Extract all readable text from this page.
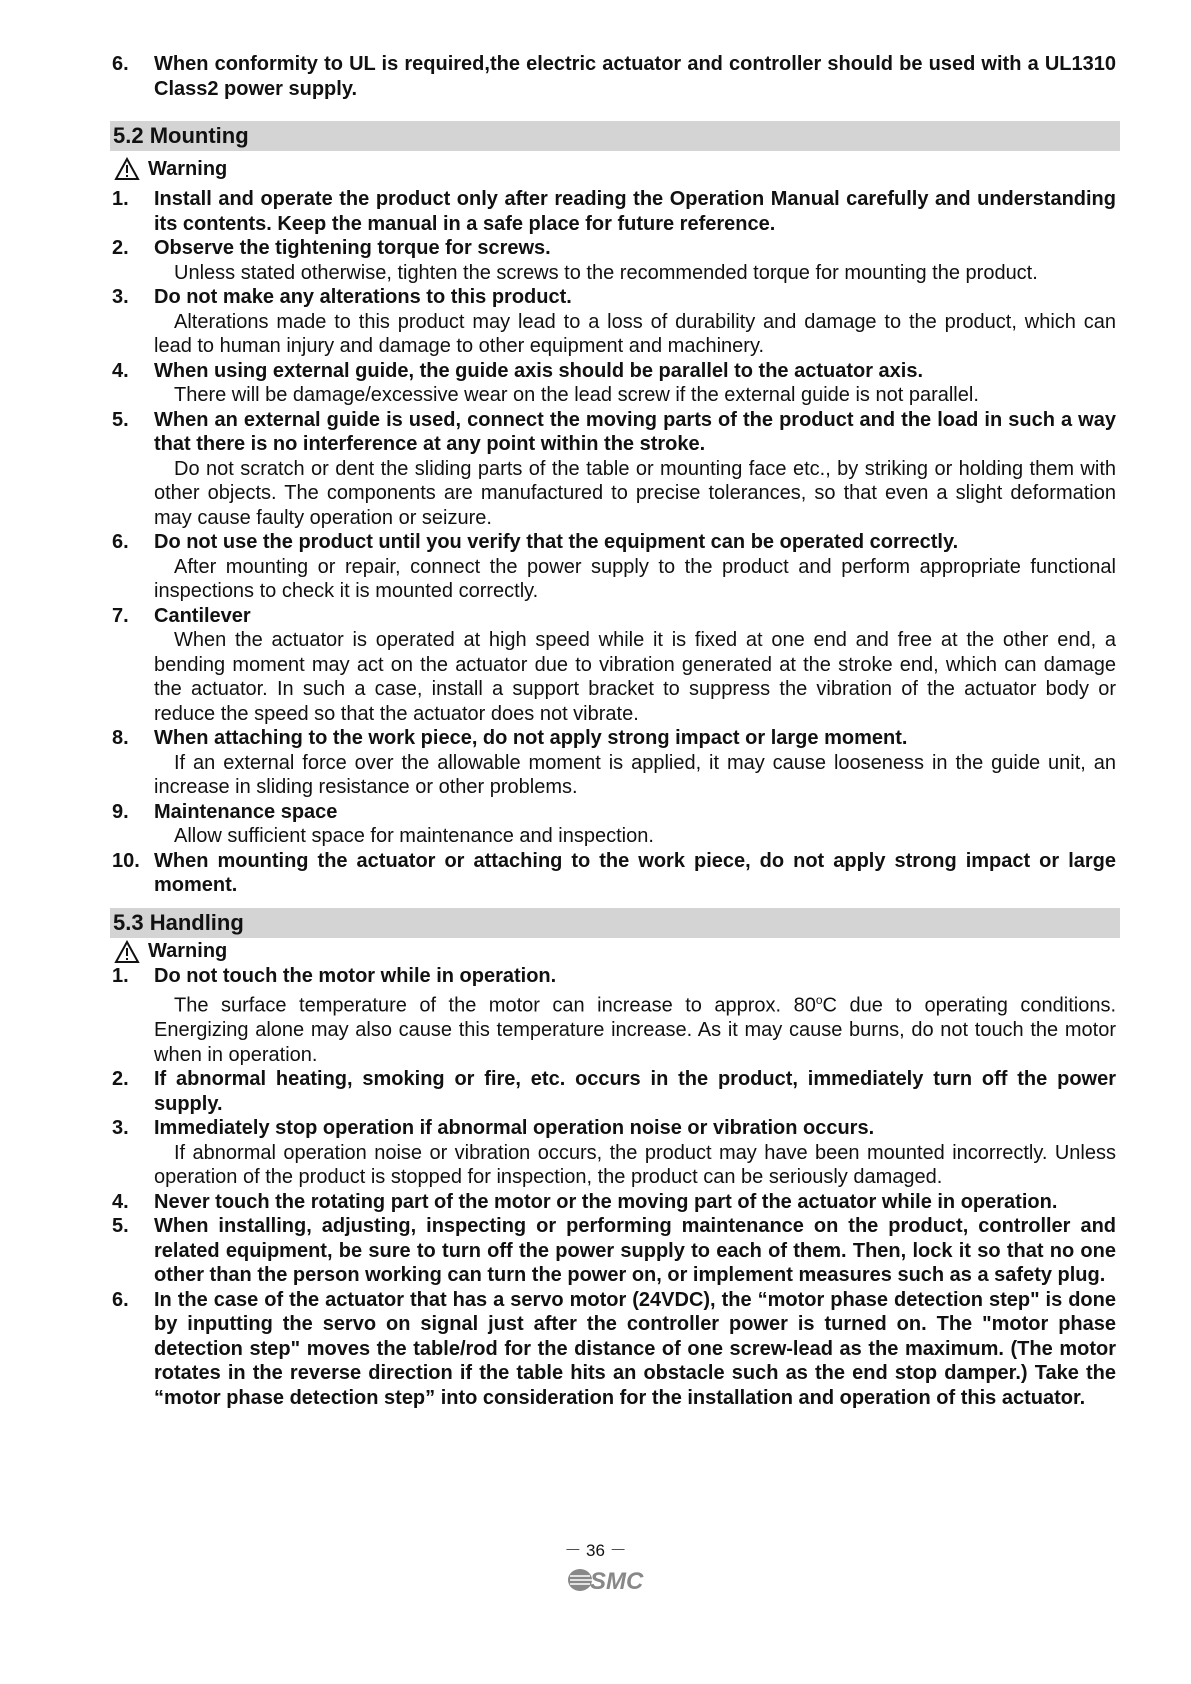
6.	When conformity to UL is required,the electric actuator and controller should be used with a UL1310 Class2 power supply.
5.2 Mounting
Warning
1.	Install and operate the product only after reading the Operation Manual carefully and understanding its contents. Keep the manual in a safe place for future reference.
2.	Observe the tightening torque for screws.
Unless stated otherwise, tighten the screws to the recommended torque for mounting the product.
3.	Do not make any alterations to this product.
Alterations made to this product may lead to a loss of durability and damage to the product, which can lead to human injury and damage to other equipment and machinery.
4.	When using external guide, the guide axis should be parallel to the actuator axis.
There will be damage/excessive wear on the lead screw if the external guide is not parallel.
5.	When an external guide is used, connect the moving parts of the product and the load in such a way that there is no interference at any point within the stroke.
Do not scratch or dent the sliding parts of the table or mounting face etc., by striking or holding them with other objects. The components are manufactured to precise tolerances, so that even a slight deformation may cause faulty operation or seizure.
6.	Do not use the product until you verify that the equipment can be operated correctly.
After mounting or repair, connect the power supply to the product and perform appropriate functional inspections to check it is mounted correctly.
7.	Cantilever
When the actuator is operated at high speed while it is fixed at one end and free at the other end, a bending moment may act on the actuator due to vibration generated at the stroke end, which can damage the actuator. In such a case, install a support bracket to suppress the vibration of the actuator body or reduce the speed so that the actuator does not vibrate.
8.	When attaching to the work piece, do not apply strong impact or large moment.
If an external force over the allowable moment is applied, it may cause looseness in the guide unit, an increase in sliding resistance or other problems.
9.	Maintenance space
Allow sufficient space for maintenance and inspection.
10. When mounting the actuator or attaching to the work piece, do not apply strong impact or large moment.
5.3 Handling
Warning
1.	Do not touch the motor while in operation.
The surface temperature of the motor can increase to approx. 80$^o$C due to operating conditions. Energizing alone may also cause this temperature increase. As it may cause burns, do not touch the motor when in operation.
2.	If abnormal heating, smoking or fire, etc. occurs in the product, immediately turn off the power supply.
3.	Immediately stop operation if abnormal operation noise or vibration occurs.
If abnormal operation noise or vibration occurs, the product may have been mounted incorrectly. Unless operation of the product is stopped for inspection, the product can be seriously damaged.
4.	Never touch the rotating part of the motor or the moving part of the actuator while in operation.
5.	When installing, adjusting, inspecting or performing maintenance on the product, controller and related equipment, be sure to turn off the power supply to each of them. Then, lock it so that no one other than the person working can turn the power on, or implement measures such as a safety plug.
6.	In the case of the actuator that has a servo motor (24VDC), the “motor phase detection step" is done by inputting the servo on signal just after the controller power is turned on. The "motor phase detection step" moves the table/rod for the distance of one screw-lead as the maximum. (The motor rotates in the reverse direction if the table hits an obstacle such as the end stop damper.) Take the “motor phase detection step” into consideration for the installation and operation of this actuator.
－ 36 －
SMC
